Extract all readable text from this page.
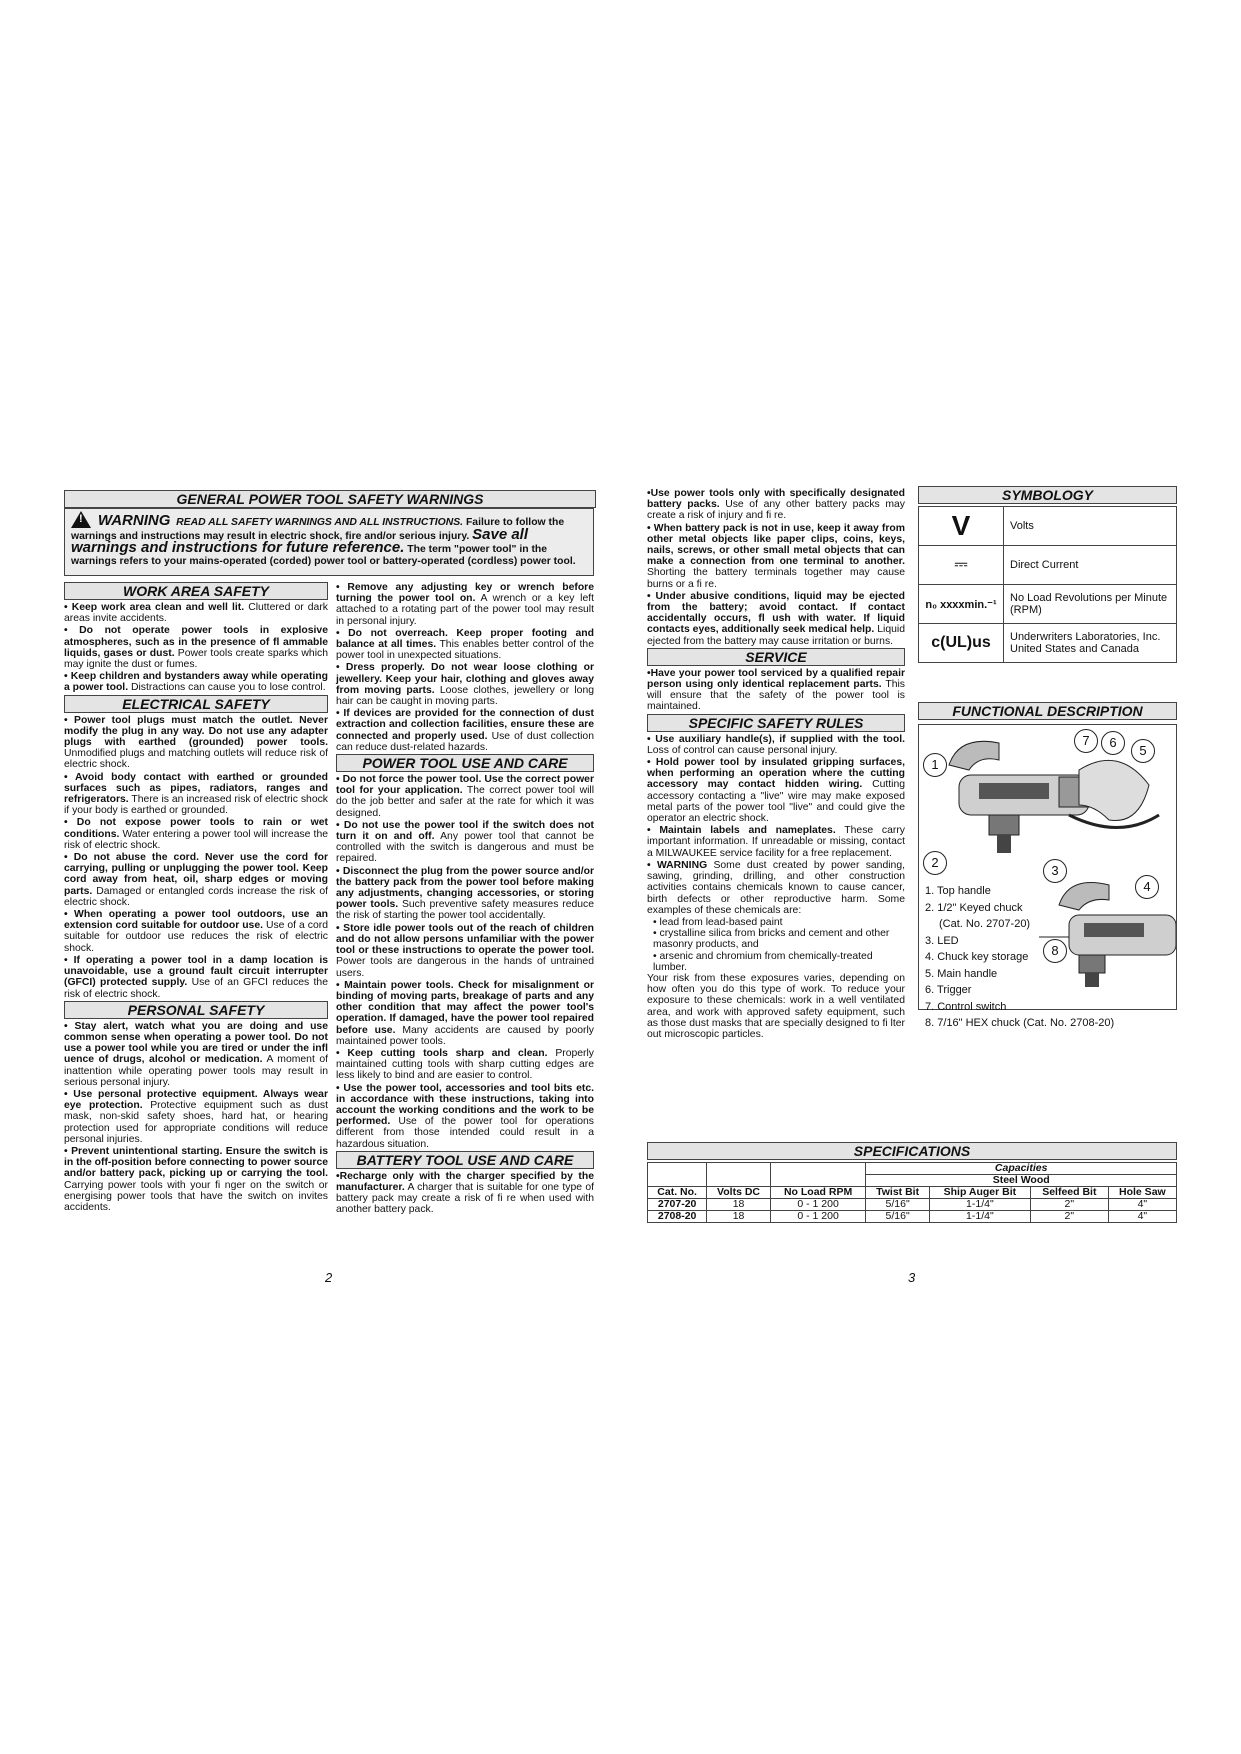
GENERAL POWER TOOL SAFETY WARNINGS
! WARNING READ ALL SAFETY WARNINGS AND ALL INSTRUCTIONS. Failure to follow the warnings and instructions may result in electric shock, ﬁre and/or serious injury. Save all warnings and instructions for future reference. The term "power tool" in the warnings refers to your mains-operated (corded) power tool or battery-operated (cordless) power tool.
WORK AREA SAFETY

• Keep work area clean and well lit. Cluttered or dark areas invite accidents.

• Do not operate power tools in explosive atmospheres, such as in the presence of ﬂ ammable liquids, gases or dust. Power tools create sparks which may ignite the dust or fumes.

• Keep children and bystanders away while operating a power tool. Distractions can cause you to lose control.

ELECTRICAL SAFETY

• Power tool plugs must match the outlet. Never modify the plug in any way. Do not use any adapter plugs with earthed (grounded) power tools. Unmodiﬁed plugs and matching outlets will reduce risk of electric shock.

• Avoid body contact with earthed or grounded surfaces such as pipes, radiators, ranges and refrigerators. There is an increased risk of electric shock if your body is earthed or grounded.

• Do not expose power tools to rain or wet conditions. Water entering a power tool will increase the risk of electric shock.

• Do not abuse the cord. Never use the cord for carrying, pulling or unplugging the power tool. Keep cord away from heat, oil, sharp edges or moving parts. Damaged or entangled cords increase the risk of electric shock.

• When operating a power tool outdoors, use an extension cord suitable for outdoor use. Use of a cord suitable for outdoor use reduces the risk of electric shock.

• If operating a power tool in a damp location is unavoidable, use a ground fault circuit interrupter (GFCI) protected supply. Use of an GFCI reduces the risk of electric shock.

PERSONAL SAFETY

• Stay alert, watch what you are doing and use common sense when operating a power tool. Do not use a power tool while you are tired or under the inﬂ uence of drugs, alcohol or medication. A moment of inattention while operating power tools may result in serious personal injury.

• Use personal protective equipment. Always wear eye protection. Protective equipment such as dust mask, non-skid safety shoes, hard hat, or hearing protection used for appropriate conditions will reduce personal injuries.

• Prevent unintentional starting. Ensure the switch is in the off-position before connecting to power source and/or battery pack, picking up or carrying the tool. Carrying power tools with your ﬁ nger on the switch or energising power tools that have the switch on invites accidents.

• Remove any adjusting key or wrench before turning the power tool on. A wrench or a key left attached to a rotating part of the power tool may result in personal injury.

• Do not overreach. Keep proper footing and balance at all times. This enables better control of the power tool in unexpected situations.

• Dress properly. Do not wear loose clothing or jewellery. Keep your hair, clothing and gloves away from moving parts. Loose clothes, jewellery or long hair can be caught in moving parts.

• If devices are provided for the connection of dust extraction and collection facilities, ensure these are connected and properly used. Use of dust collection can reduce dust-related hazards.

POWER TOOL USE AND CARE

• Do not force the power tool. Use the correct power tool for your application. The correct power tool will do the job better and safer at the rate for which it was designed.

• Do not use the power tool if the switch does not turn it on and off. Any power tool that cannot be controlled with the switch is dangerous and must be repaired.

• Disconnect the plug from the power source and/or the battery pack from the power tool before making any adjustments, changing accessories, or storing power tools. Such preventive safety measures reduce the risk of starting the power tool accidentally.

• Store idle power tools out of the reach of children and do not allow persons unfamiliar with the power tool or these instructions to operate the power tool. Power tools are dangerous in the hands of untrained users.

• Maintain power tools. Check for misalignment or binding of moving parts, breakage of parts and any other condition that may affect the power tool's operation. If damaged, have the power tool repaired before use. Many accidents are caused by poorly maintained power tools.

• Keep cutting tools sharp and clean. Properly maintained cutting tools with sharp cutting edges are less likely to bind and are easier to control.

• Use the power tool, accessories and tool bits etc. in accordance with these instructions, taking into account the working conditions and the work to be performed. Use of the power tool for operations different from those intended could result in a hazardous situation.

BATTERY TOOL USE AND CARE

•Recharge only with the charger speciﬁed by the manufacturer. A charger that is suitable for one type of battery pack may create a risk of ﬁ re when used with another battery pack.

2

•Use power tools only with speciﬁcally designated battery packs. Use of any other battery packs may create a risk of injury and ﬁ re.

• When battery pack is not in use, keep it away from other metal objects like paper clips, coins, keys, nails, screws, or other small metal objects that can make a connection from one terminal to another. Shorting the battery terminals together may cause burns or a ﬁ re.

• Under abusive conditions, liquid may be ejected from the battery; avoid contact. If contact accidentally occurs, ﬂ ush with water. If liquid contacts eyes, additionally seek medical help. Liquid ejected from the battery may cause irritation or burns.

SERVICE

•Have your power tool serviced by a qualiﬁed repair person using only identical replacement parts. This will ensure that the safety of the power tool is maintained.

SPECIFIC SAFETY RULES

• Use auxiliary handle(s), if supplied with the tool. Loss of control can cause personal injury.

• Hold power tool by insulated gripping surfaces, when performing an operation where the cutting accessory may contact hidden wiring. Cutting accessory contacting a "live" wire may make exposed metal parts of the power tool "live" and could give the operator an electric shock.

• Maintain labels and nameplates. These carry important information. If unreadable or missing, contact a MILWAUKEE service facility for a free replacement.

• WARNING Some dust created by power sanding, sawing, grinding, drilling, and other construction activities contains chemicals known to cause cancer, birth defects or other reproductive harm. Some examples of these chemicals are:

• lead from lead-based paint
• crystalline silica from bricks and cement and other masonry products, and
• arsenic and chromium from chemically-treated lumber.

Your risk from these exposures varies, depending on how often you do this type of work. To reduce your exposure to these chemicals: work in a well ventilated area, and work with approved safety equipment, such as those dust masks that are specially designed to ﬁ lter out microscopic particles.

SYMBOLOGY
V	Volts
⎓	Direct Current
n₀ xxxxmin.⁻¹	No Load Revolutions per Minute (RPM)
c(UL)us	Underwriters Laboratories, Inc. United States and Canada
FUNCTIONAL DESCRIPTION
1
7	6
5
2
3
4
8
1. Top handle
2. 1/2" Keyed chuck
(Cat. No. 2707-20)
3. LED
4. Chuck key storage
5. Main handle
6. Trigger
7. Control switch
8. 7/16" HEX chuck (Cat. No. 2708-20)
SPECIFICATIONS
			Capacities			
			Steel Wood			
Cat. No.	Volts DC	No Load RPM	Twist Bit	Ship Auger Bit	Selfeed Bit	Hole Saw
2707-20	18	0 - 1 200	5/16"	1-1/4"	2"	4"
2708-20	18	0 - 1 200	5/16"	1-1/4"	2"	4"
3
